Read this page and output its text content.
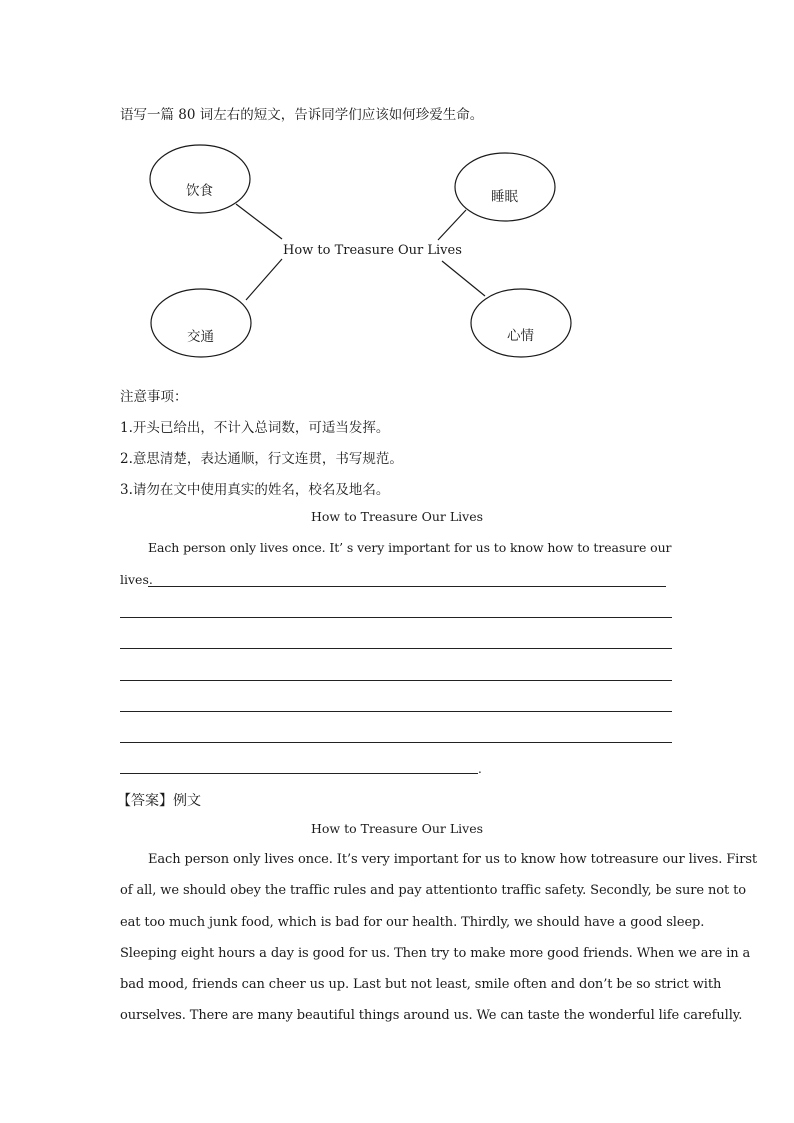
语写一篇 80 词左右的短文，告诉同学们应该如何珍爱生命。
How to Treasure Our Lives
饮食	睡眠
交通	心情
注意事项：
1.开头已给出，不计入总词数，可适当发挥。
2.意思清楚，表达通顺，行文连贯，书写规范。
3.请勿在文中使用真实的姓名，校名及地名。
How to Treasure Our Lives
Each person only lives once. It’ s very important for us to know how to treasure our
lives.
.
【答案】例文
How to Treasure Our Lives
Each person only lives once. It’s very important for us to know how totreasure our lives. First
of all, we should obey the traffic rules and pay attentionto traffic safety. Secondly, be sure not to
eat too much junk food, which is bad for our health. Thirdly, we should have a good sleep.
Sleeping eight hours a day is good for us. Then try to make more good friends. When we are in a
bad mood, friends can cheer us up. Last but not least, smile often and don’t be so strict with
ourselves. There are many beautiful things around us. We can taste the wonderful life carefully.
